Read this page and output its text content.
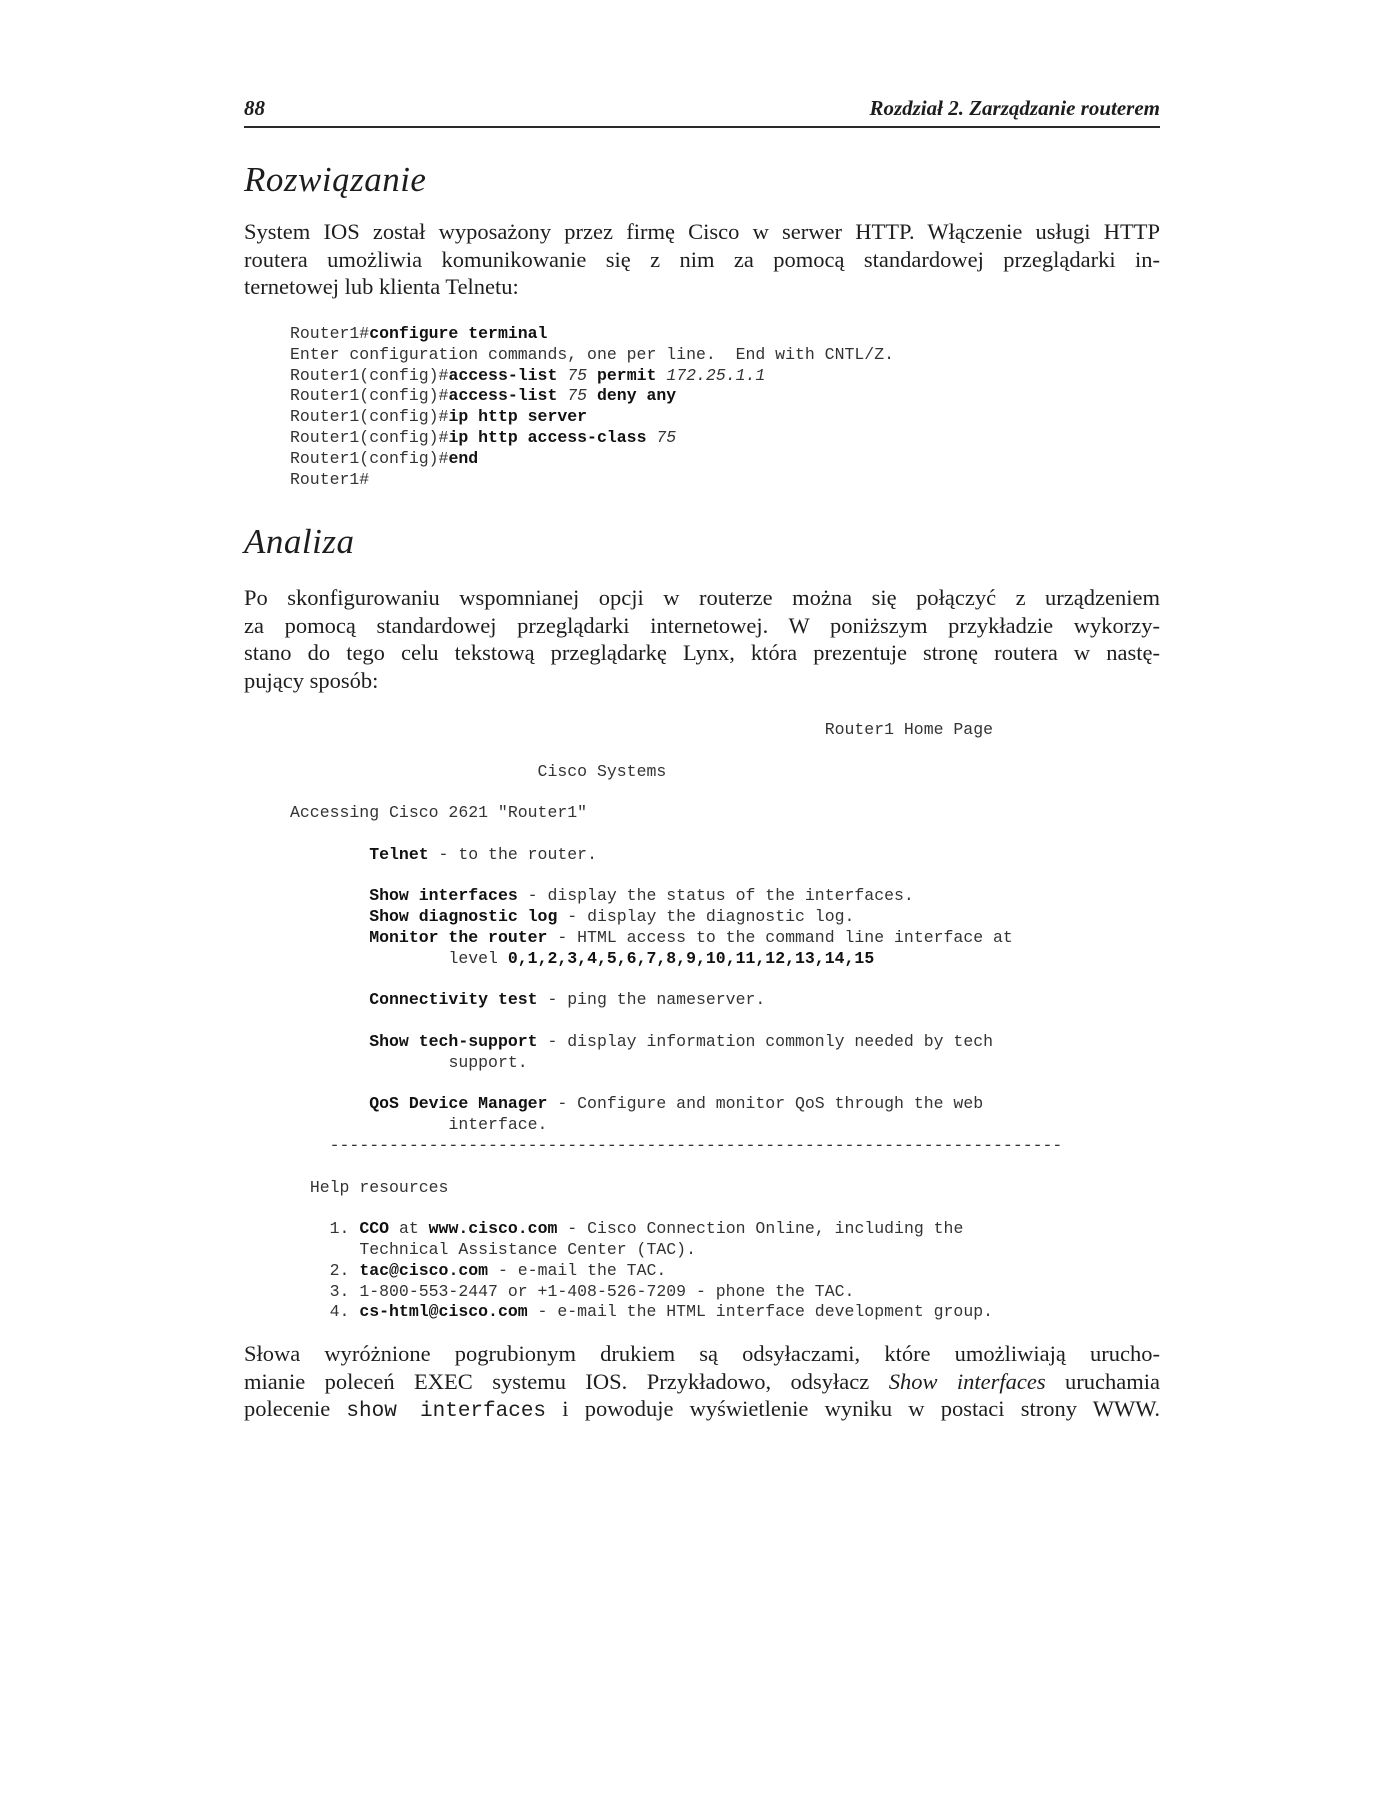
88	Rozdział 2. Zarządzanie routerem
Rozwiązanie
System IOS został wyposażony przez firmę Cisco w serwer HTTP. Włączenie usługi HTTP
routera umożliwia komunikowanie się z nim za pomocą standardowej przeglądarki in-
ternetowej lub klienta Telnetu:
Router1#configure terminal
Enter configuration commands, one per line.  End with CNTL/Z.
Router1(config)#access-list 75 permit 172.25.1.1
Router1(config)#access-list 75 deny any
Router1(config)#ip http server
Router1(config)#ip http access-class 75
Router1(config)#end
Router1#
Analiza
Po skonfigurowaniu wspomnianej opcji w routerze można się połączyć z urządzeniem
za pomocą standardowej przeglądarki internetowej. W poniższym przykładzie wykorzy-
stano do tego celu tekstową przeglądarkę Lynx, która prezentuje stronę routera w nastę-
pujący sposób:
Router1 Home Page

Cisco Systems

Accessing Cisco 2621 "Router1"

Telnet - to the router.

Show interfaces - display the status of the interfaces.
Show diagnostic log - display the diagnostic log.
Monitor the router - HTML access to the command line interface at
level 0,1,2,3,4,5,6,7,8,9,10,11,12,13,14,15

Connectivity test - ping the nameserver.

Show tech-support - display information commonly needed by tech
support.

QoS Device Manager - Configure and monitor QoS through the web
interface.
--------------------------------------------------------------------------

Help resources

1. CCO at www.cisco.com - Cisco Connection Online, including the
Technical Assistance Center (TAC).
2. tac@cisco.com - e-mail the TAC.
3. 1-800-553-2447 or +1-408-526-7209 - phone the TAC.
4. cs-html@cisco.com - e-mail the HTML interface development group.
Słowa wyróżnione pogrubionym drukiem są odsyłaczami, które umożliwiają urucho-
mianie poleceń EXEC systemu IOS. Przykładowo, odsyłacz Show interfaces uruchamia
polecenie show interfaces i powoduje wyświetlenie wyniku w postaci strony WWW.
